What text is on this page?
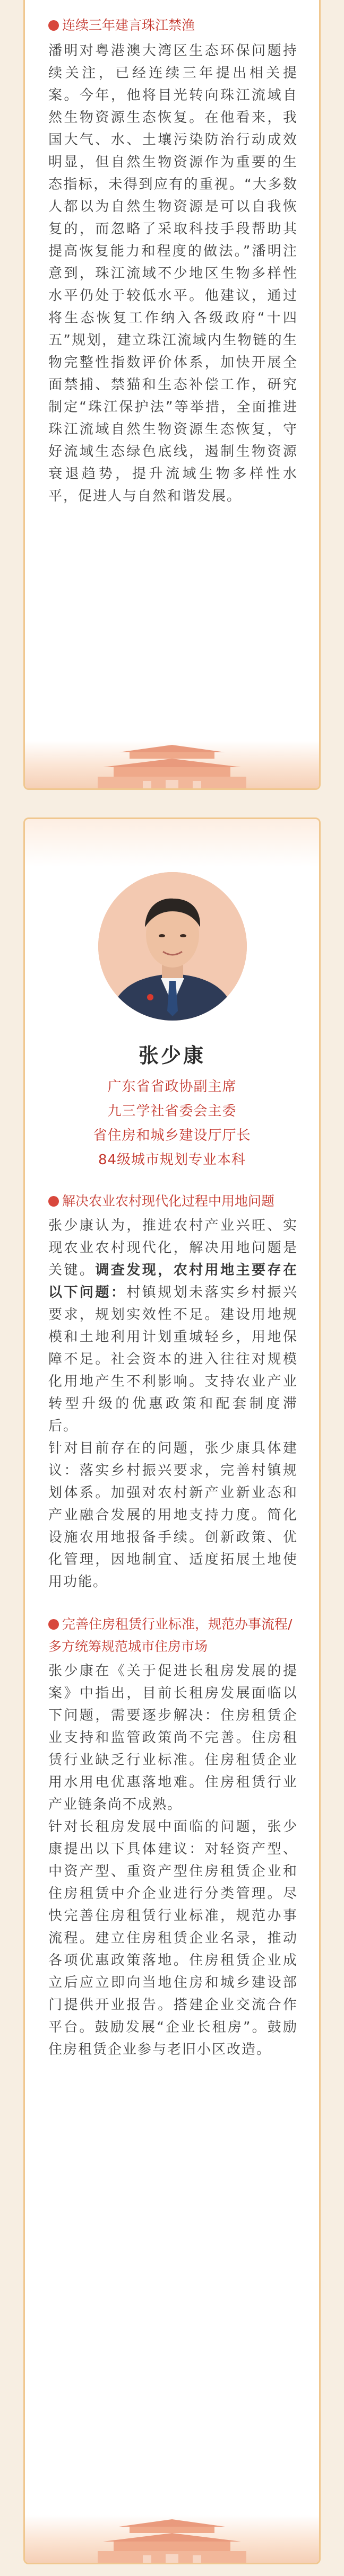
连续三年建言珠江禁渔

潘明对粤港澳大湾区生态环保问题持续关注，已经连续三年提出相关提案。今年，他将目光转向珠江流域自然生物资源生态恢复。在他看来，我国大气、水、土壤污染防治行动成效明显，但自然生物资源作为重要的生态指标，未得到应有的重视。“大多数人都以为自然生物资源是可以自我恢复的，而忽略了采取科技手段帮助其提高恢复能力和程度的做法。”潘明注意到，珠江流域不少地区生物多样性水平仍处于较低水平。他建议，通过将生态恢复工作纳入各级政府“十四五”规划，建立珠江流域内生物链的生物完整性指数评价体系，加快开展全面禁捕、禁猫和生态补偿工作，研究制定“珠江保护法”等举措，全面推进珠江流域自然生物资源生态恢复，守好流域生态绿色底线，遏制生物资源衰退趋势，提升流域生物多样性水平，促进人与自然和谐发展。

张少康
广东省省政协副主席
九三学社省委会主委
省住房和城乡建设厅厅长
84级城市规划专业本科
解决农业农村现代化过程中用地问题

张少康认为，推进农村产业兴旺、实现农业农村现代化，解决用地问题是关键。调查发现，农村用地主要存在以下问题：村镇规划未落实乡村振兴要求，规划实效性不足。建设用地规模和土地利用计划重城轻乡，用地保障不足。社会资本的进入往往对规模化用地产生不利影响。支持农业产业转型升级的优惠政策和配套制度滞后。

针对目前存在的问题，张少康具体建议：落实乡村振兴要求，完善村镇规划体系。加强对农村新产业新业态和产业融合发展的用地支持力度。简化设施农用地报备手续。创新政策、优化管理，因地制宜、适度拓展土地使用功能。

完善住房租赁行业标准，规范办事流程/多方统筹规范城市住房市场

张少康在《关于促进长租房发展的提案》中指出，目前长租房发展面临以下问题，需要逐步解决：住房租赁企业支持和监管政策尚不完善。住房租赁行业缺乏行业标准。住房租赁企业用水用电优惠落地难。住房租赁行业产业链条尚不成熟。

针对长租房发展中面临的问题，张少康提出以下具体建议：对轻资产型、中资产型、重资产型住房租赁企业和住房租赁中介企业进行分类管理。尽快完善住房租赁行业标准，规范办事流程。建立住房租赁企业名录，推动各项优惠政策落地。住房租赁企业成立后应立即向当地住房和城乡建设部门提供开业报告。搭建企业交流合作平台。鼓励发展“企业长租房”。鼓励住房租赁企业参与老旧小区改造。
